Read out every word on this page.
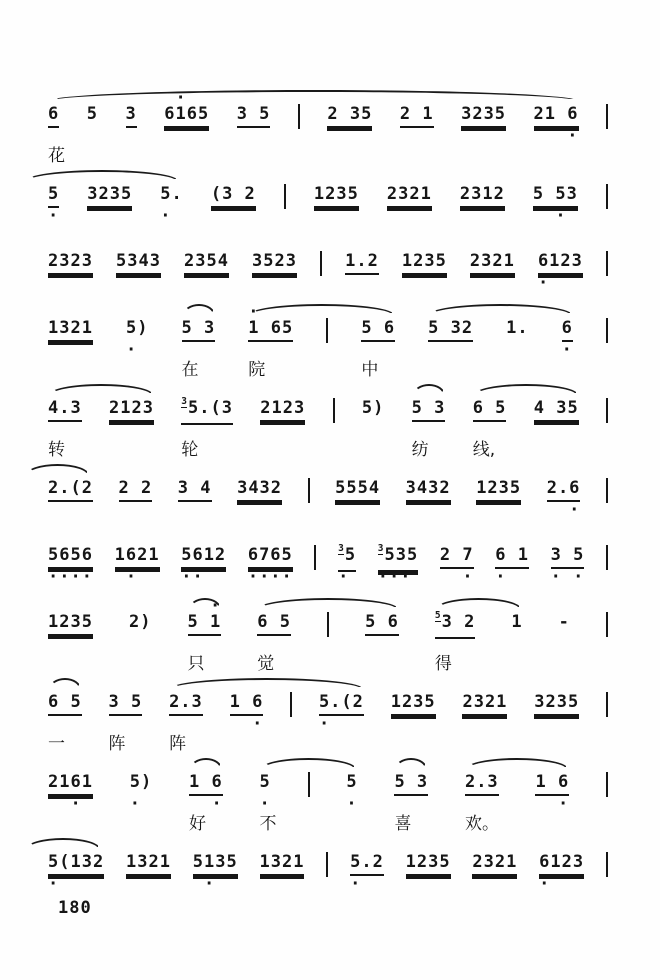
6
花
5 3
·
6165 3 5	2 35 2 1 3235 21 6
·
5
·
3235 5.
·
(3 2	1235 2321 2312 5 53
·
2323 5343 2354 3523	1.2 1235 2321 6123
·
1321 5)
·
5 3
在
·
1 65
院
5 6
中
5 32 1. 6
·
4.3
转
2123	$^3$5.(3
轮
2123	5) 5 3
纺
6 5
线,
4 35
2.(2 2 2 3 4 3432	5554 3432 1235 2.6
·
5656
····
1621
·
5612
··
6765
····
$^3$5
·
$^3$535
···
2 7
·
6 1
·
3 5
· ·
1235 2)
·
5 1
只
6 5
觉
5 6	$^5$3 2
得
1 -
6 5
一
3 5
阵
2.3
阵
1 6
·
5.(2
·
1235 2321 3235
2161
·
5)
·
1 6
·
好
5
·
不
5
·
5 3
喜
2.3
欢。
1 6
·
5(132
·
1321 5135
·
1321	5.2
·
1235 2321 6123
·
180
